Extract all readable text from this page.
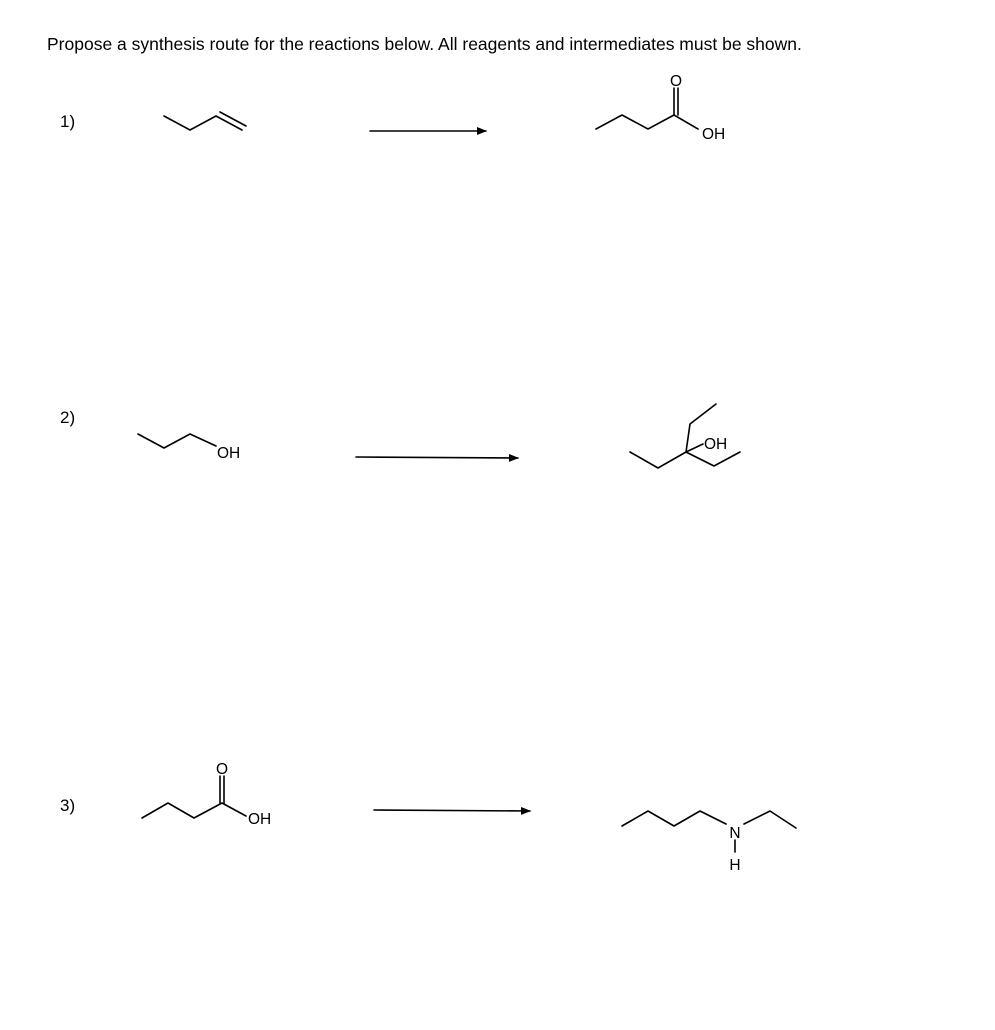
Propose a synthesis route for the reactions below. All reagents and intermediates must be shown.
1)
2)
3)
O
OH
OH
OH
O
OH
N
H
